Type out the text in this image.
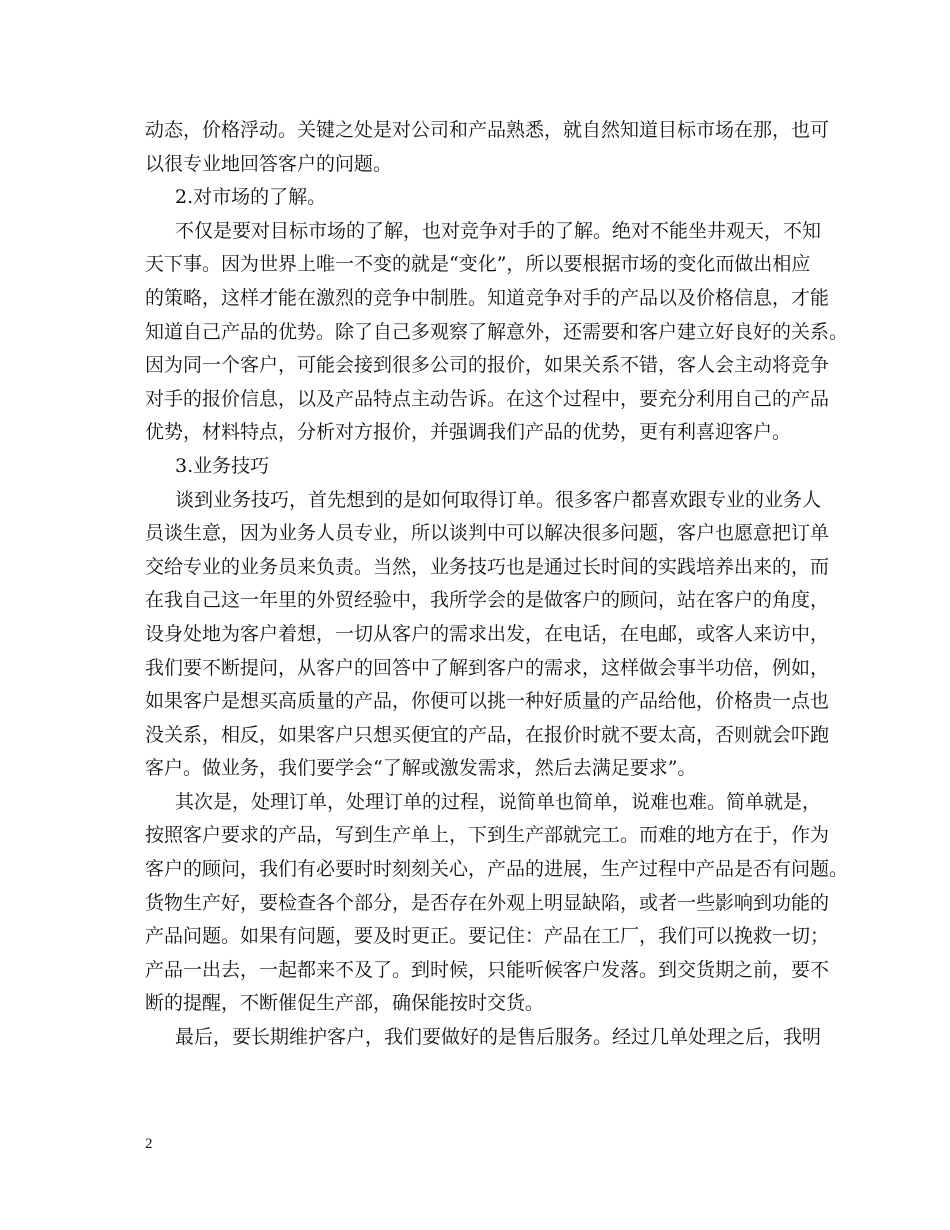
动态，价格浮动。关键之处是对公司和产品熟悉，就自然知道目标市场在那，也可
以很专业地回答客户的问题。
2.对市场的了解。
不仅是要对目标市场的了解，也对竞争对手的了解。绝对不能坐井观天，不知
天下事。因为世界上唯一不变的就是“变化”，所以要根据市场的变化而做出相应
的策略，这样才能在激烈的竞争中制胜。知道竞争对手的产品以及价格信息，才能
知道自己产品的优势。除了自己多观察了解意外，还需要和客户建立好良好的关系。
因为同一个客户，可能会接到很多公司的报价，如果关系不错，客人会主动将竞争
对手的报价信息，以及产品特点主动告诉。在这个过程中，要充分利用自己的产品
优势，材料特点，分析对方报价，并强调我们产品的优势，更有利喜迎客户。
3.业务技巧
谈到业务技巧，首先想到的是如何取得订单。很多客户都喜欢跟专业的业务人
员谈生意，因为业务人员专业，所以谈判中可以解决很多问题，客户也愿意把订单
交给专业的业务员来负责。当然，业务技巧也是通过长时间的实践培养出来的，而
在我自己这一年里的外贸经验中，我所学会的是做客户的顾问，站在客户的角度，
设身处地为客户着想，一切从客户的需求出发，在电话，在电邮，或客人来访中，
我们要不断提问，从客户的回答中了解到客户的需求，这样做会事半功倍，例如，
如果客户是想买高质量的产品，你便可以挑一种好质量的产品给他，价格贵一点也
没关系，相反，如果客户只想买便宜的产品，在报价时就不要太高，否则就会吓跑
客户。做业务，我们要学会“了解或激发需求，然后去满足要求”。
其次是，处理订单，处理订单的过程，说简单也简单，说难也难。简单就是，
按照客户要求的产品，写到生产单上，下到生产部就完工。而难的地方在于，作为
客户的顾问，我们有必要时时刻刻关心，产品的进展，生产过程中产品是否有问题。
货物生产好，要检查各个部分，是否存在外观上明显缺陷，或者一些影响到功能的
产品问题。如果有问题，要及时更正。要记住：产品在工厂，我们可以挽救一切；
产品一出去，一起都来不及了。到时候，只能听候客户发落。到交货期之前，要不
断的提醒，不断催促生产部，确保能按时交货。
最后，要长期维护客户，我们要做好的是售后服务。经过几单处理之后，我明
2
